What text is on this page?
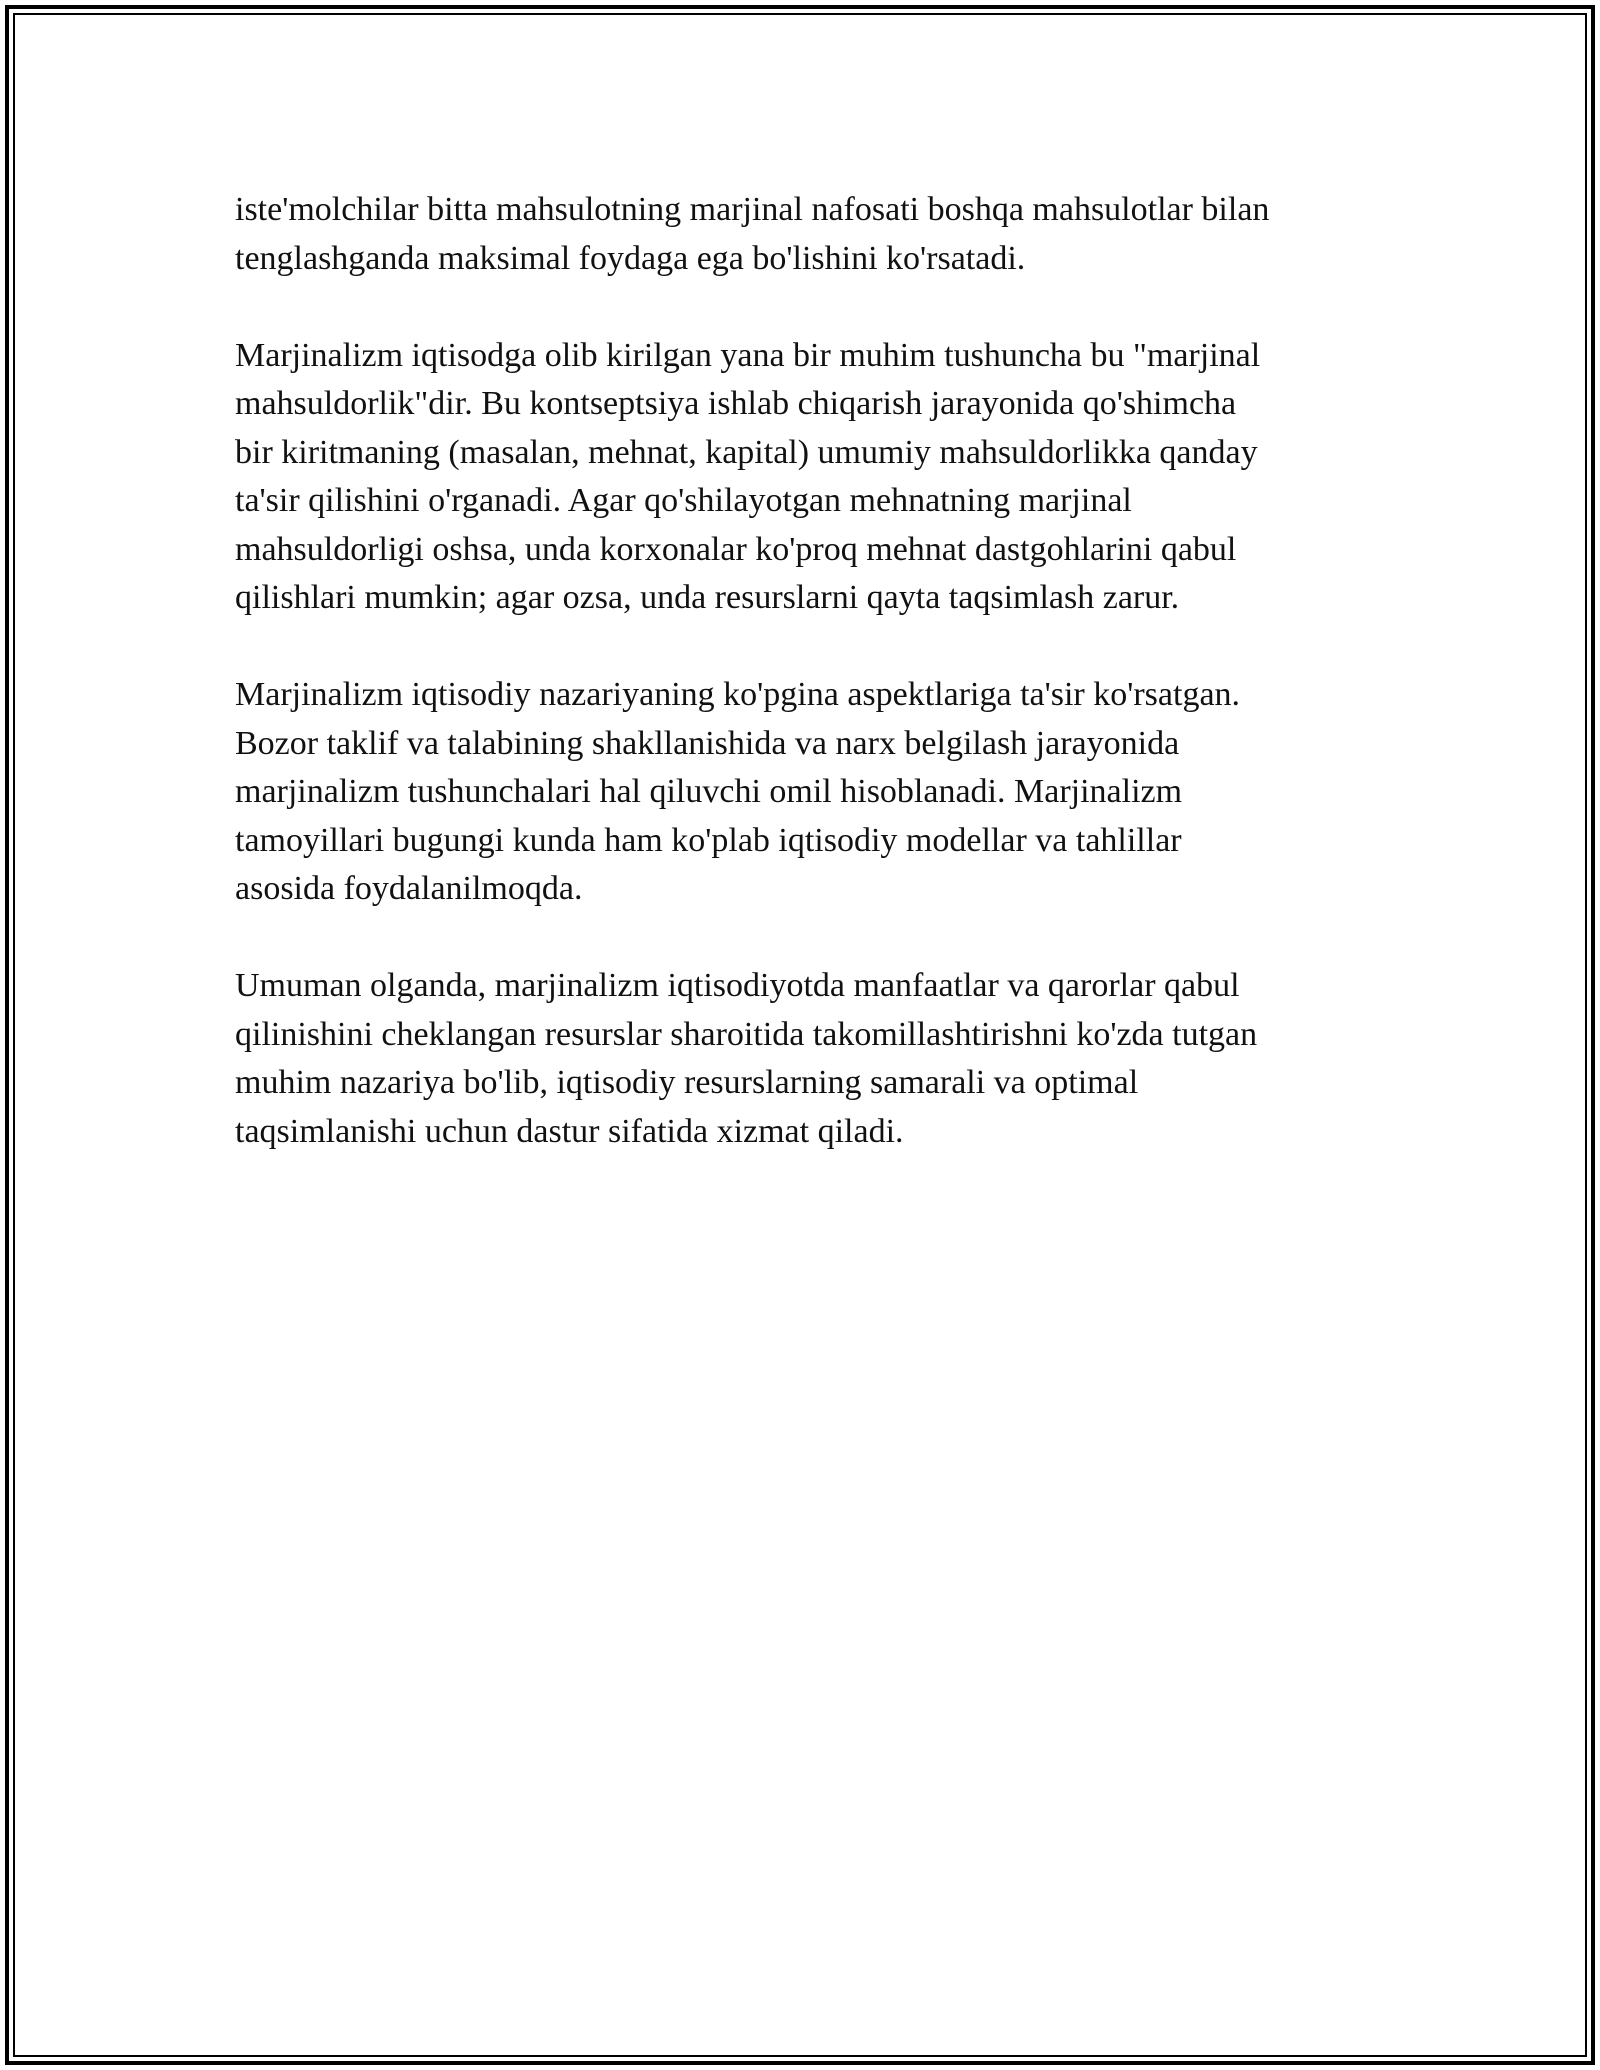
iste'molchilar bitta mahsulotning marjinal nafosati boshqa mahsulotlar bilan
tenglashganda maksimal foydaga ega bo'lishini ko'rsatadi.

Marjinalizm iqtisodga olib kirilgan yana bir muhim tushuncha bu "marjinal
mahsuldorlik"dir. Bu kontseptsiya ishlab chiqarish jarayonida qo'shimcha
bir kiritmaning (masalan, mehnat, kapital) umumiy mahsuldorlikka qanday
ta'sir qilishini o'rganadi. Agar qo'shilayotgan mehnatning marjinal
mahsuldorligi oshsa, unda korxonalar ko'proq mehnat dastgohlarini qabul
qilishlari mumkin; agar ozsa, unda resurslarni qayta taqsimlash zarur.

Marjinalizm iqtisodiy nazariyaning ko'pgina aspektlariga ta'sir ko'rsatgan.
Bozor taklif va talabining shakllanishida va narx belgilash jarayonida
marjinalizm tushunchalari hal qiluvchi omil hisoblanadi. Marjinalizm
tamoyillari bugungi kunda ham ko'plab iqtisodiy modellar va tahlillar
asosida foydalanilmoqda.

Umuman olganda, marjinalizm iqtisodiyotda manfaatlar va qarorlar qabul
qilinishini cheklangan resurslar sharoitida takomillashtirishni ko'zda tutgan
muhim nazariya bo'lib, iqtisodiy resurslarning samarali va optimal
taqsimlanishi uchun dastur sifatida xizmat qiladi.
